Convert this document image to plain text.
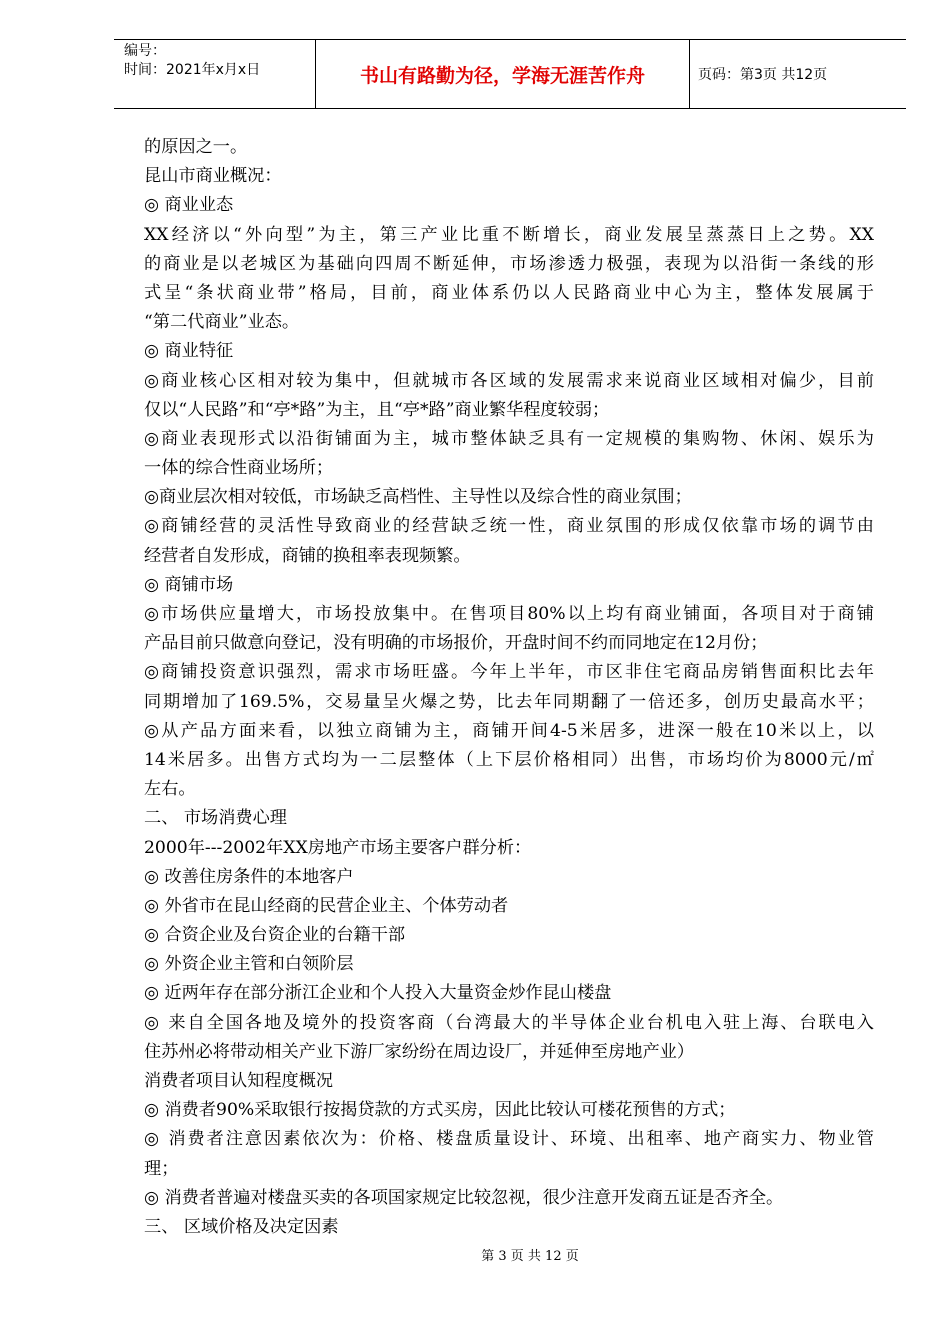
编号：
时间：2021年x月x日	书山有路勤为径，学海无涯苦作舟	页码：第3页 共12页
的原因之一。
昆山市商业概况：
◎ 商业业态
XX经济以“外向型”为主，第三产业比重不断增长，商业发展呈蒸蒸日上之势。XX
的商业是以老城区为基础向四周不断延伸，市场渗透力极强，表现为以沿街一条线的形
式呈“条状商业带”格局，目前，商业体系仍以人民路商业中心为主，整体发展属于
“第二代商业”业态。
◎ 商业特征
◎商业核心区相对较为集中，但就城市各区域的发展需求来说商业区域相对偏少，目前
仅以“人民路”和“亭*路”为主，且“亭*路”商业繁华程度较弱；
◎商业表现形式以沿街铺面为主，城市整体缺乏具有一定规模的集购物、休闲、娱乐为
一体的综合性商业场所；
◎商业层次相对较低，市场缺乏高档性、主导性以及综合性的商业氛围；
◎商铺经营的灵活性导致商业的经营缺乏统一性，商业氛围的形成仅依靠市场的调节由
经营者自发形成，商铺的换租率表现频繁。
◎ 商铺市场
◎市场供应量增大，市场投放集中。在售项目80%以上均有商业铺面，各项目对于商铺
产品目前只做意向登记，没有明确的市场报价，开盘时间不约而同地定在12月份；
◎商铺投资意识强烈，需求市场旺盛。今年上半年，市区非住宅商品房销售面积比去年
同期增加了169.5%，交易量呈火爆之势，比去年同期翻了一倍还多，创历史最高水平；
◎从产品方面来看，以独立商铺为主，商铺开间4-5米居多，进深一般在10米以上，以
14米居多。出售方式均为一二层整体（上下层价格相同）出售，市场均价为8000元/㎡
左右。
二、 市场消费心理
2000年---2002年XX房地产市场主要客户群分析：
◎ 改善住房条件的本地客户
◎ 外省市在昆山经商的民营企业主、个体劳动者
◎ 合资企业及台资企业的台籍干部
◎ 外资企业主管和白领阶层
◎ 近两年存在部分浙江企业和个人投入大量资金炒作昆山楼盘
◎ 来自全国各地及境外的投资客商（台湾最大的半导体企业台机电入驻上海、台联电入
住苏州必将带动相关产业下游厂家纷纷在周边设厂，并延伸至房地产业）
消费者项目认知程度概况
◎ 消费者90%采取银行按揭贷款的方式买房，因此比较认可楼花预售的方式；
◎ 消费者注意因素依次为：价格、楼盘质量设计、环境、出租率、地产商实力、物业管
理；
◎ 消费者普遍对楼盘买卖的各项国家规定比较忽视，很少注意开发商五证是否齐全。
三、 区域价格及决定因素
第 3 页 共 12 页
